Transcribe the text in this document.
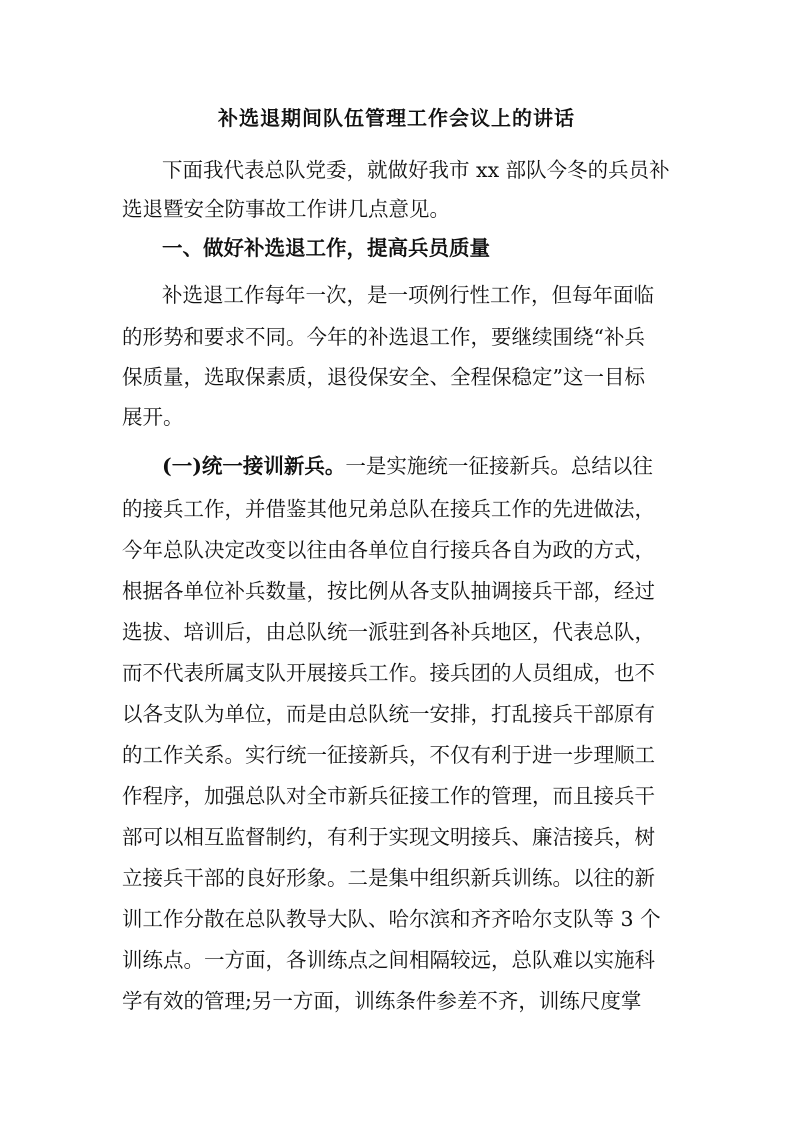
补选退期间队伍管理工作会议上的讲话
下面我代表总队党委，就做好我市 xx 部队今冬的兵员补
选退暨安全防事故工作讲几点意见。
一、做好补选退工作，提高兵员质量
补选退工作每年一次，是一项例行性工作，但每年面临
的形势和要求不同。今年的补选退工作，要继续围绕“补兵
保质量，选取保素质，退役保安全、全程保稳定”这一目标
展开。
(一)统一接训新兵。一是实施统一征接新兵。总结以往
的接兵工作，并借鉴其他兄弟总队在接兵工作的先进做法，
今年总队决定改变以往由各单位自行接兵各自为政的方式，
根据各单位补兵数量，按比例从各支队抽调接兵干部，经过
选拔、培训后，由总队统一派驻到各补兵地区，代表总队，
而不代表所属支队开展接兵工作。接兵团的人员组成，也不
以各支队为单位，而是由总队统一安排，打乱接兵干部原有
的工作关系。实行统一征接新兵，不仅有利于进一步理顺工
作程序，加强总队对全市新兵征接工作的管理，而且接兵干
部可以相互监督制约，有利于实现文明接兵、廉洁接兵，树
立接兵干部的良好形象。二是集中组织新兵训练。以往的新
训工作分散在总队教导大队、哈尔滨和齐齐哈尔支队等 3 个
训练点。一方面，各训练点之间相隔较远，总队难以实施科
学有效的管理;另一方面，训练条件参差不齐，训练尺度掌
